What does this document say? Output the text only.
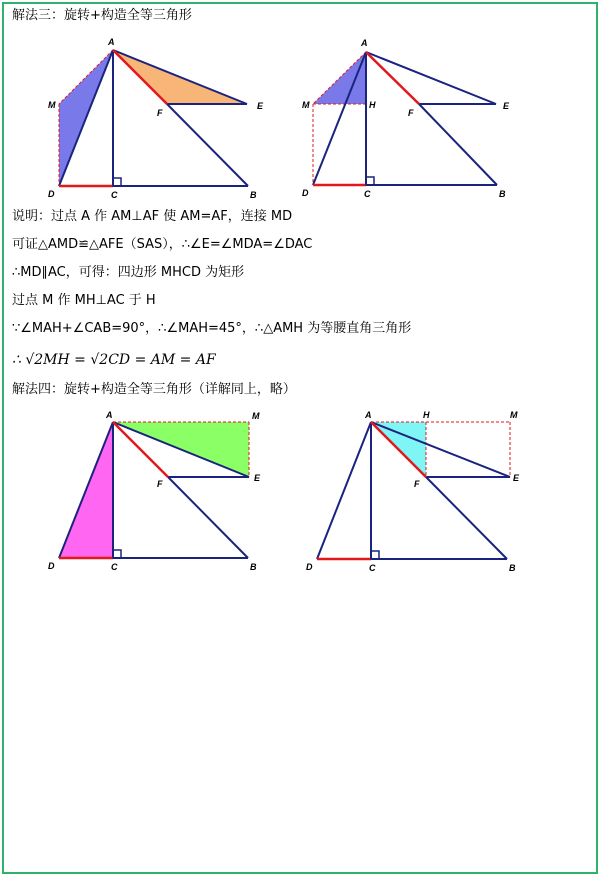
解法三：旋转+构造全等三角形
A
M
F
E
D	C	B
A
M	H
F
E
D	C	B
说明：过点 A 作 AM⊥AF 使 AM=AF，连接 MD
可证△AMD≌△AFE（SAS），∴∠E=∠MDA=∠DAC
∴MD∥AC，可得：四边形 MHCD 为矩形
过点 M 作 MH⊥AC 于 H
∵∠MAH+∠CAB=90°，∴∠MAH=45°，∴△AMH 为等腰直角三角形
∴ √2MH = √2CD = AM = AF
解法四：旋转+构造全等三角形（详解同上，略）
A	M
F
E
D	C	B
A	H	M
F
E
D	C	B
